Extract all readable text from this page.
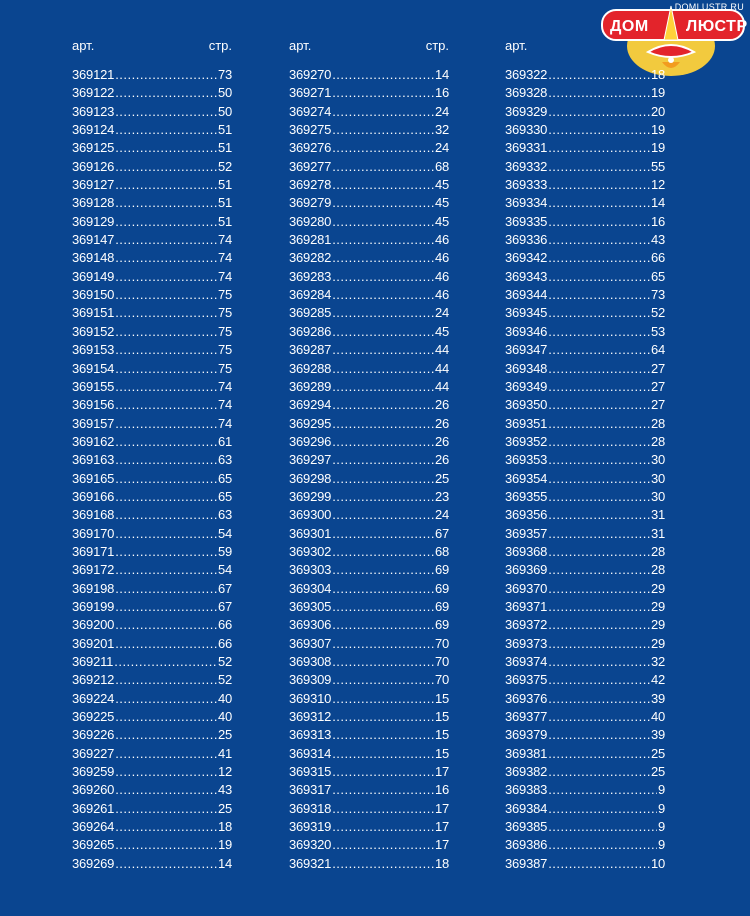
DOMLUSTR.RU
ДОМ ЛЮСТР
арт.	стр.
369121 .....	73
369122 .....	50
369123 .....	50
369124 .....	51
369125 .....	51
369126 .....	52
369127 .....	51
369128 .....	51
369129 .....	51
369147 .....	74
369148 .....	74
369149 .....	74
369150 .....	75
369151 .....	75
369152 .....	75
369153 .....	75
369154 .....	75
369155 .....	74
369156 .....	74
369157 .....	74
369162 .....	61
369163 .....	63
369165 .....	65
369166 .....	65
369168 .....	63
369170 .....	54
369171 .....	59
369172 .....	54
369198 .....	67
369199 .....	67
369200 .....	66
369201 .....	66
369211 .....	52
369212 .....	52
369224 .....	40
369225 .....	40
369226 .....	25
369227 .....	41
369259 .....	12
369260 .....	43
369261 .....	25
369264 .....	18
369265 .....	19
369269 .....	14
арт.	стр.
369270 .....	14
369271 .....	16
369274 .....	24
369275 .....	32
369276 .....	24
369277 .....	68
369278 .....	45
369279 .....	45
369280 .....	45
369281 .....	46
369282 .....	46
369283 .....	46
369284 .....	46
369285 .....	24
369286 .....	45
369287 .....	44
369288 .....	44
369289 .....	44
369294 .....	26
369295 .....	26
369296 .....	26
369297 .....	26
369298 .....	25
369299 .....	23
369300 .....	24
369301 .....	67
369302 .....	68
369303 .....	69
369304 .....	69
369305 .....	69
369306 .....	69
369307 .....	70
369308 .....	70
369309 .....	70
369310 .....	15
369312 .....	15
369313 .....	15
369314 .....	15
369315 .....	17
369317 .....	16
369318 .....	17
369319 .....	17
369320 .....	17
369321 .....	18
арт.
369322 .....	18
369328 .....	19
369329 .....	20
369330 .....	19
369331 .....	19
369332 .....	55
369333 .....	12
369334 .....	14
369335 .....	16
369336 .....	43
369342 .....	66
369343 .....	65
369344 .....	73
369345 .....	52
369346 .....	53
369347 .....	64
369348 .....	27
369349 .....	27
369350 .....	27
369351 .....	28
369352 .....	28
369353 .....	30
369354 .....	30
369355 .....	30
369356 .....	31
369357 .....	31
369368 .....	28
369369 .....	28
369370 .....	29
369371 .....	29
369372 .....	29
369373 .....	29
369374 .....	32
369375 .....	42
369376 .....	39
369377 .....	40
369379 .....	39
369381 .....	25
369382 .....	25
369383 .....	9
369384 .....	9
369385 .....	9
369386 .....	9
369387 .....	10
